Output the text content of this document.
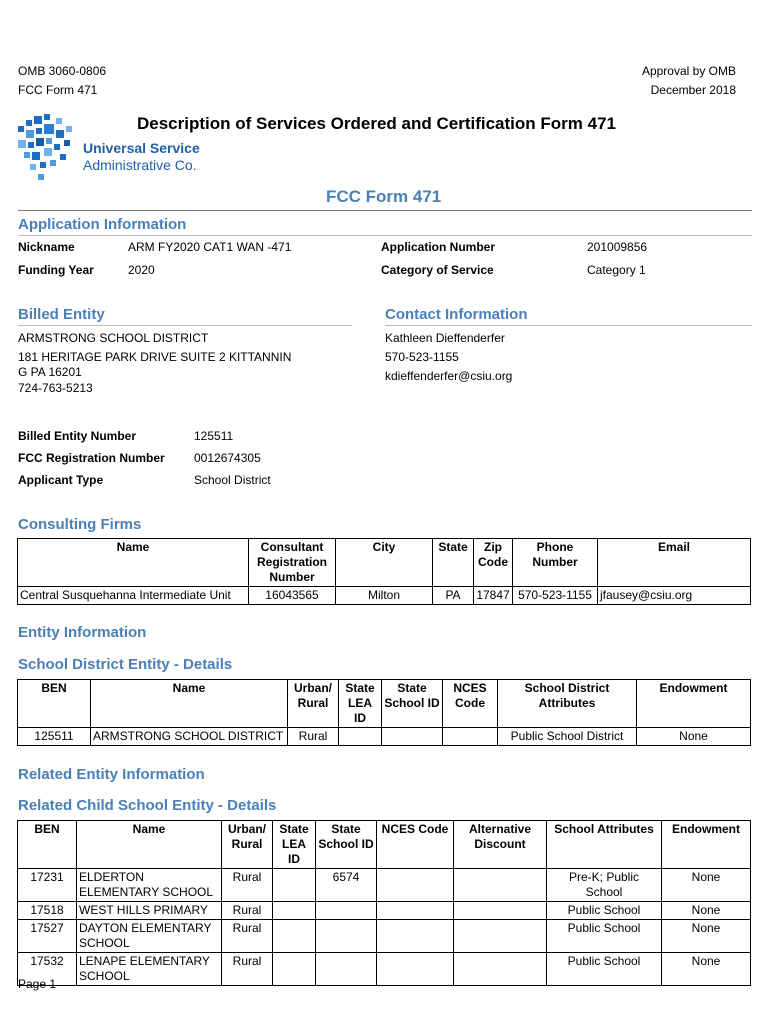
OMB 3060-0806
FCC Form 471
Approval by OMB
December 2018
Universal Service
Administrative Co.
Description of Services Ordered and Certification Form 471
FCC Form 471
Application Information
Nickname	ARM FY2020 CAT1 WAN -471	Application Number	201009856
Funding Year	2020	Category of Service	Category 1
Billed Entity
ARMSTRONG SCHOOL DISTRICT
181 HERITAGE PARK DRIVE SUITE 2 KITTANNIN
G PA 16201
724-763-5213
Contact Information
Kathleen Dieffenderfer
570-523-1155
kdieffenderfer@csiu.org
Billed Entity Number	125511
FCC Registration Number 0012674305
Applicant Type	School District
Consulting Firms
Name	Consultant Registration Number	City	State	Zip Code	Phone Number	Email
Central Susquehanna Intermediate Unit	16043565	Milton	PA	17847	570-523-1155	jfausey@csiu.org
Entity Information
School District Entity - Details
BEN	Name	Urban/ Rural	State LEA ID	State School ID	NCES Code	School District Attributes	Endowment
125511	ARMSTRONG SCHOOL DISTRICT	Rural				Public School District	None
Related Entity Information
Related Child School Entity - Details
BEN	Name	Urban/ Rural	State LEA ID	State School ID	NCES Code	Alternative Discount	School Attributes	Endowment
17231	ELDERTON ELEMENTARY SCHOOL	Rural		6574			Pre-K; Public School	None
17518	WEST HILLS PRIMARY	Rural					Public School	None
17527	DAYTON ELEMENTARY SCHOOL	Rural					Public School	None
17532	LENAPE ELEMENTARY SCHOOL	Rural					Public School	None
Page 1
